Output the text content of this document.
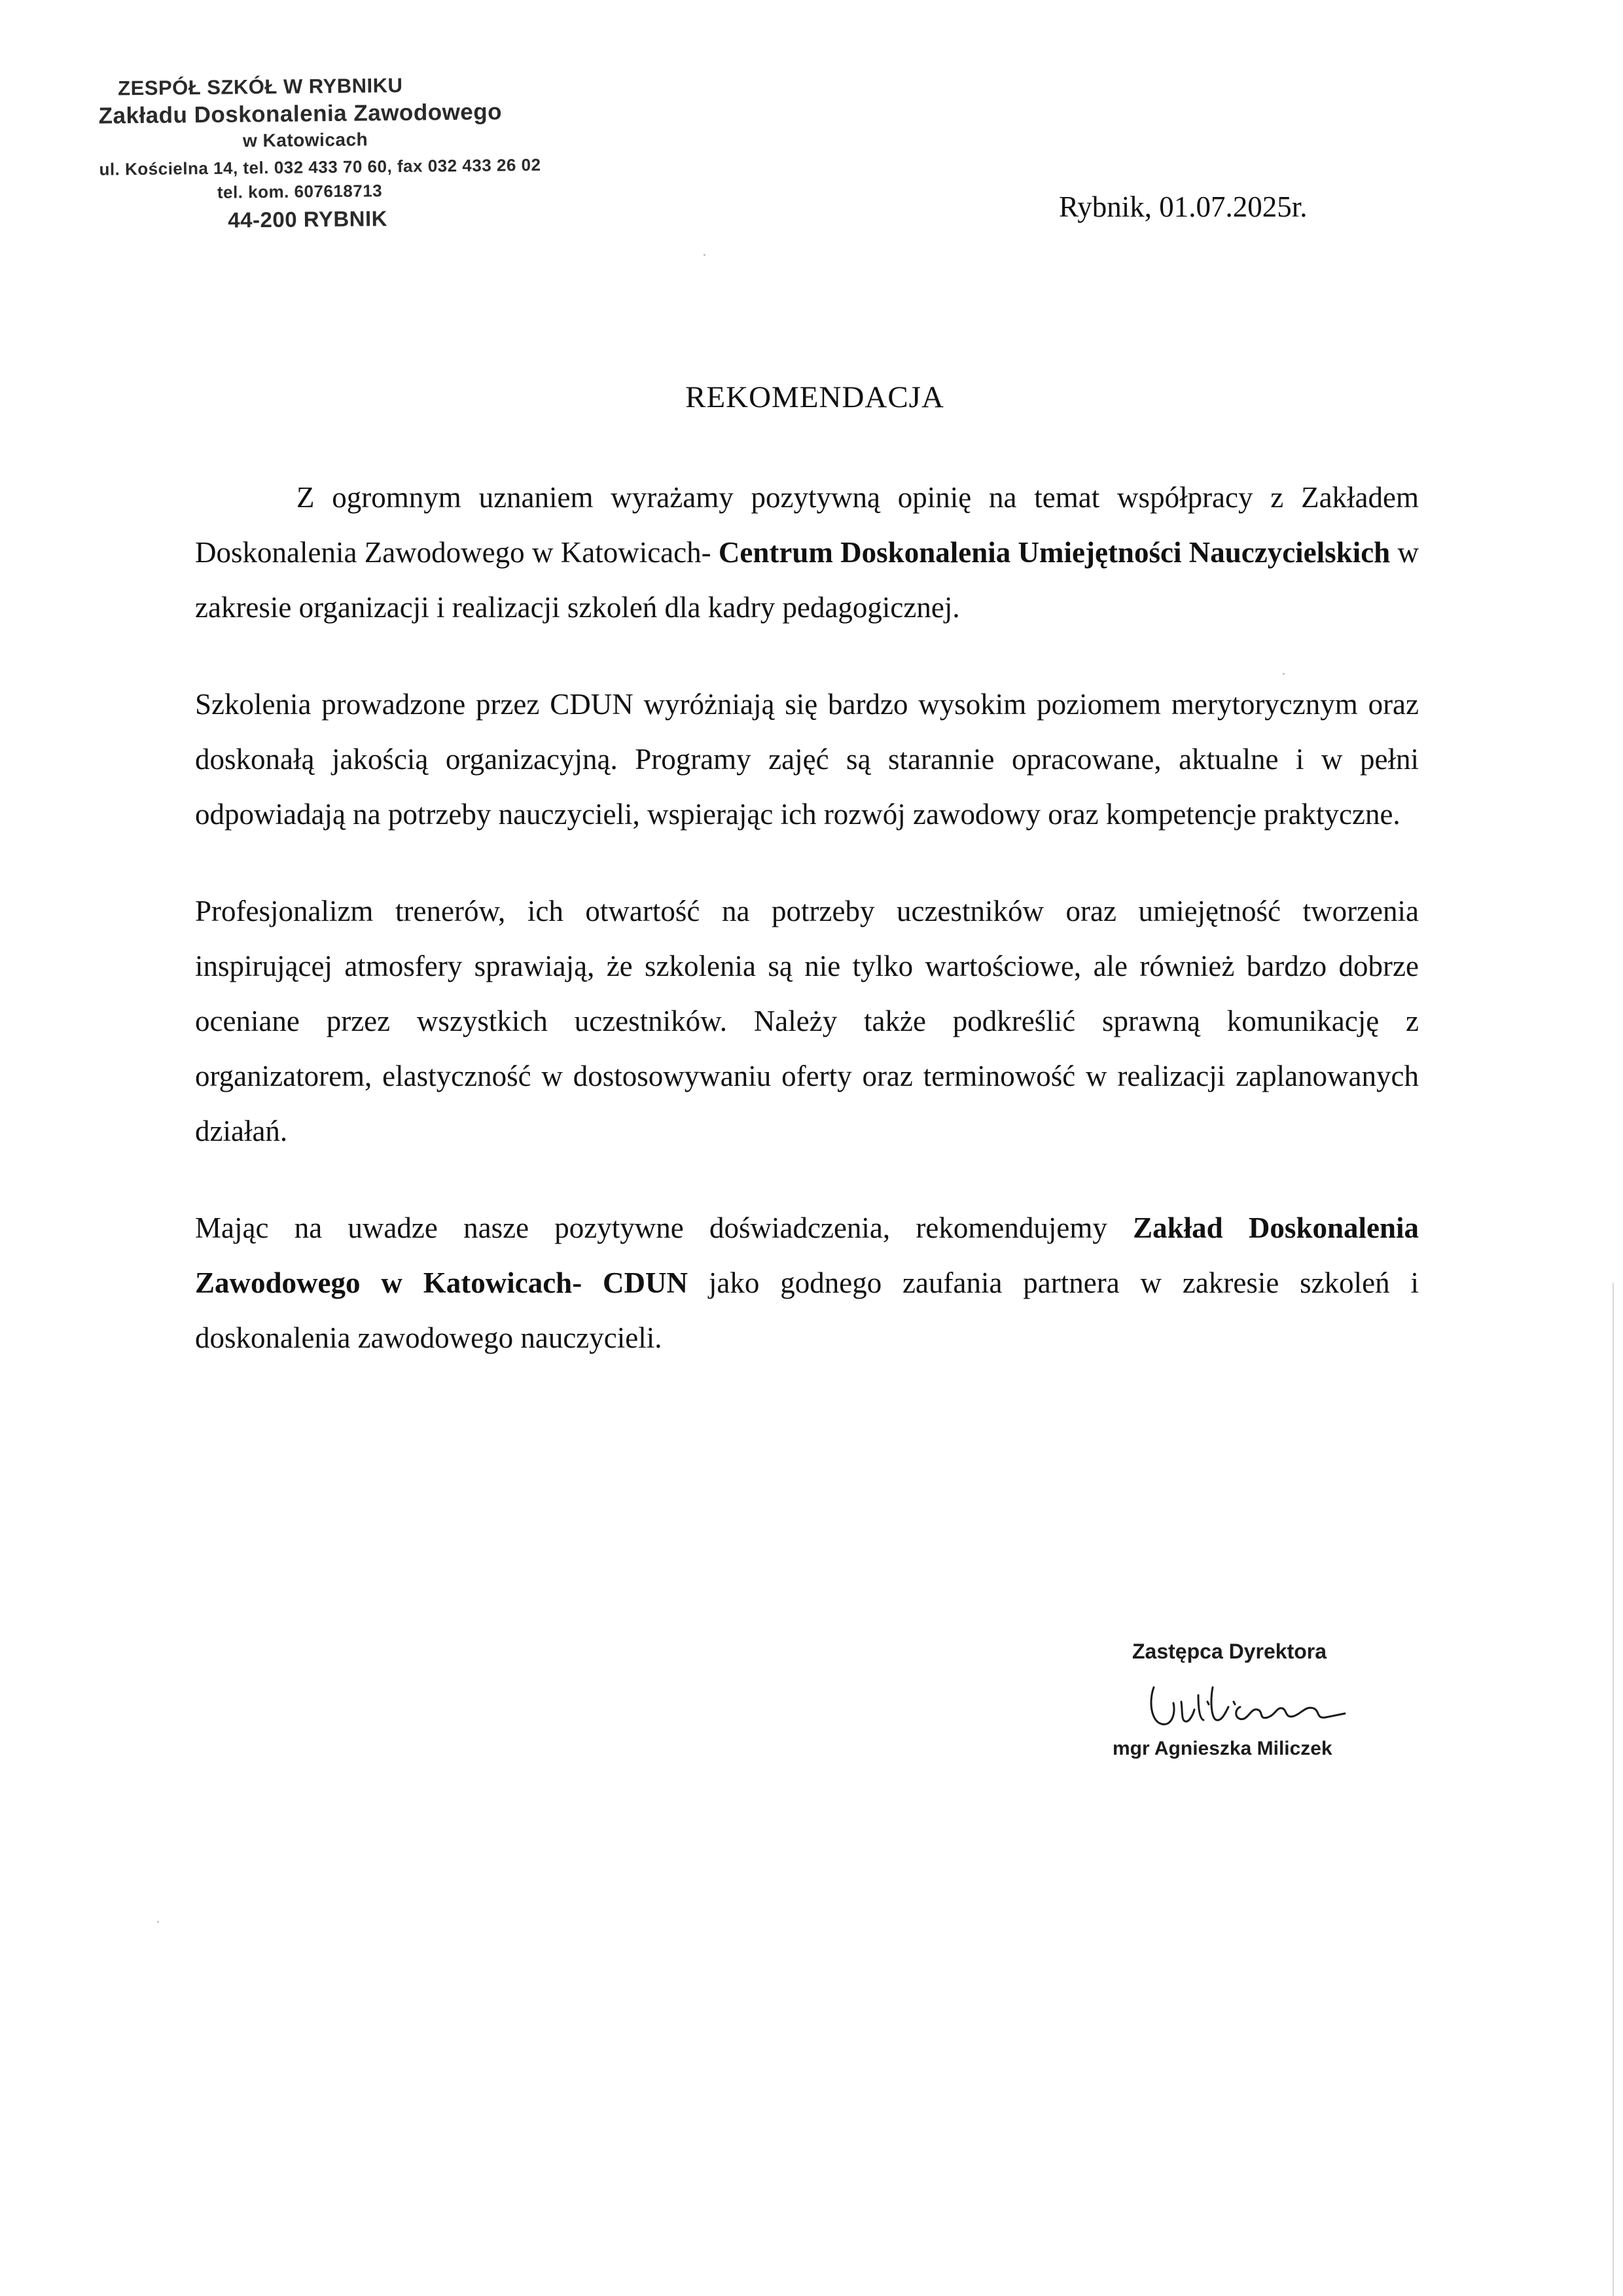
ZESPÓŁ SZKÓŁ W RYBNIKU
Zakładu Doskonalenia Zawodowego
w Katowicach
ul. Kościelna 14, tel. 032 433 70 60, fax 032 433 26 02
tel. kom. 607618713
44-200 RYBNIK	Rybnik, 01.07.2025r.
REKOMENDACJA

Z ogromnym uznaniem wyrażamy pozytywną opinię na temat współpracy z Zakładem Doskonalenia Zawodowego w Katowicach- Centrum Doskonalenia Umiejętności Nauczycielskich w zakresie organizacji i realizacji szkoleń dla kadry pedagogicznej.

Szkolenia prowadzone przez CDUN wyróżniają się bardzo wysokim poziomem merytorycznym oraz doskonałą jakością organizacyjną. Programy zajęć są starannie opracowane, aktualne i w pełni odpowiadają na potrzeby nauczycieli, wspierając ich rozwój zawodowy oraz kompetencje praktyczne.

Profesjonalizm trenerów, ich otwartość na potrzeby uczestników oraz umiejętność tworzenia inspirującej atmosfery sprawiają, że szkolenia są nie tylko wartościowe, ale również bardzo dobrze oceniane przez wszystkich uczestników. Należy także podkreślić sprawną komunikację z organizatorem, elastyczność w dostosowywaniu oferty oraz terminowość w realizacji zaplanowanych działań.

Mając na uwadze nasze pozytywne doświadczenia, rekomendujemy Zakład Doskonalenia Zawodowego w Katowicach- CDUN jako godnego zaufania partnera w zakresie szkoleń i doskonalenia zawodowego nauczycieli.

Zastępca Dyrektora
mgr Agnieszka Miliczek
